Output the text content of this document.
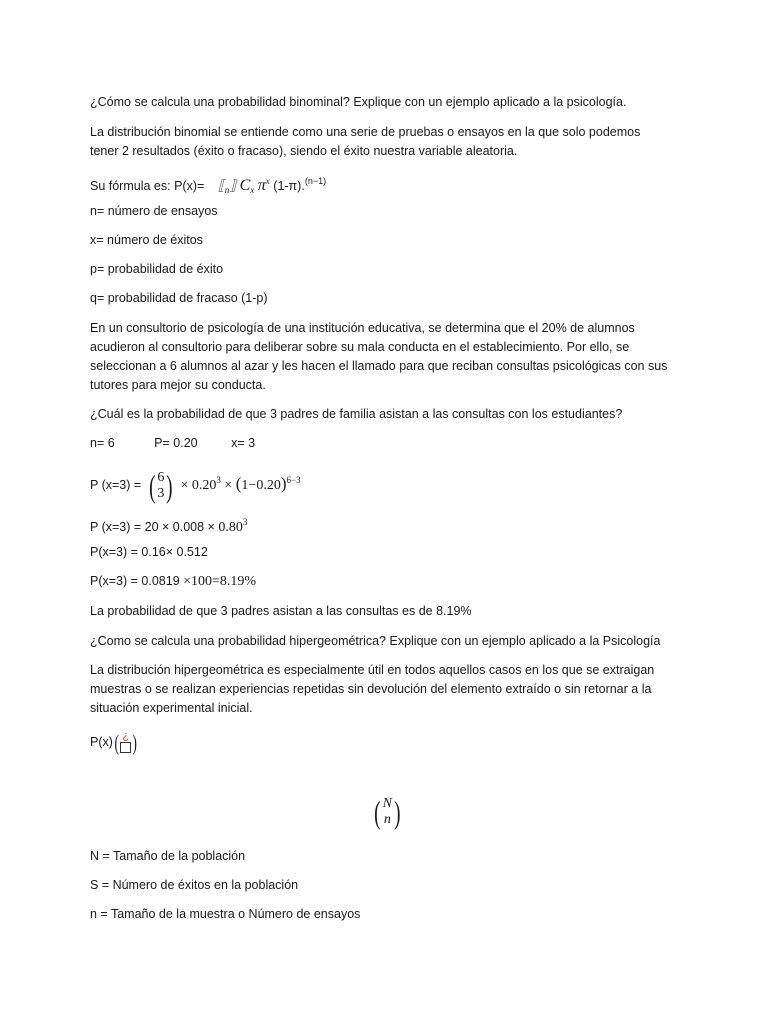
¿Cómo se calcula una probabilidad binominal? Explique con un ejemplo aplicado a la psicología.
La distribución binomial se entiende como una serie de pruebas o ensayos en la que solo podemos
tener 2 resultados (éxito o fracaso), siendo el éxito nuestra variable aleatoria.
Su fórmula es: $P(x)= ⟦_n⟧$ $C_x$ $\pi^x$ (1-π).$^{(n-1)}$
n= número de ensayos
x= número de éxitos
p= probabilidad de éxito
q= probabilidad de fracaso (1-p)
En un consultorio de psicología de una institución educativa, se determina que el 20% de alumnos
acudieron al consultorio para deliberar sobre su mala conducta en el establecimiento. Por ello, se
seleccionan a 6 alumnos al azar y les hacen el llamado para que reciban consultas psicológicas con sus
tutores para mejor su conducta.
¿Cuál es la probabilidad de que 3 padres de familia asistan a las consultas con los estudiantes?
n= 6	P= 0.20	x= 3
P (x=3) = ( 6
3 ) × $0.20^3 \times (1-0.20)^{6-3}$
P $(x=3) = 20 \times 0.008 \times 0.80^3$
P(x=3) = 0.16× 0.512
P(x=3) = 0.0819 ×100=8.19%
La probabilidad de que 3 padres asistan a las consultas es de 8.19%
¿Como se calcula una probabilidad hipergeométrica? Explique con un ejemplo aplicado a la Psicología
La distribución hipergeométrica es especialmente útil en todos aquellos casos en los que se extraigan
muestras o se realizan experiencias repetidas sin devolución del elemento extraído o sin retornar a la
situación experimental inicial.
P(x)( ¿ )
( N
n )
N = Tamaño de la población
S = Número de éxitos en la población
n = Tamaño de la muestra o Número de ensayos
